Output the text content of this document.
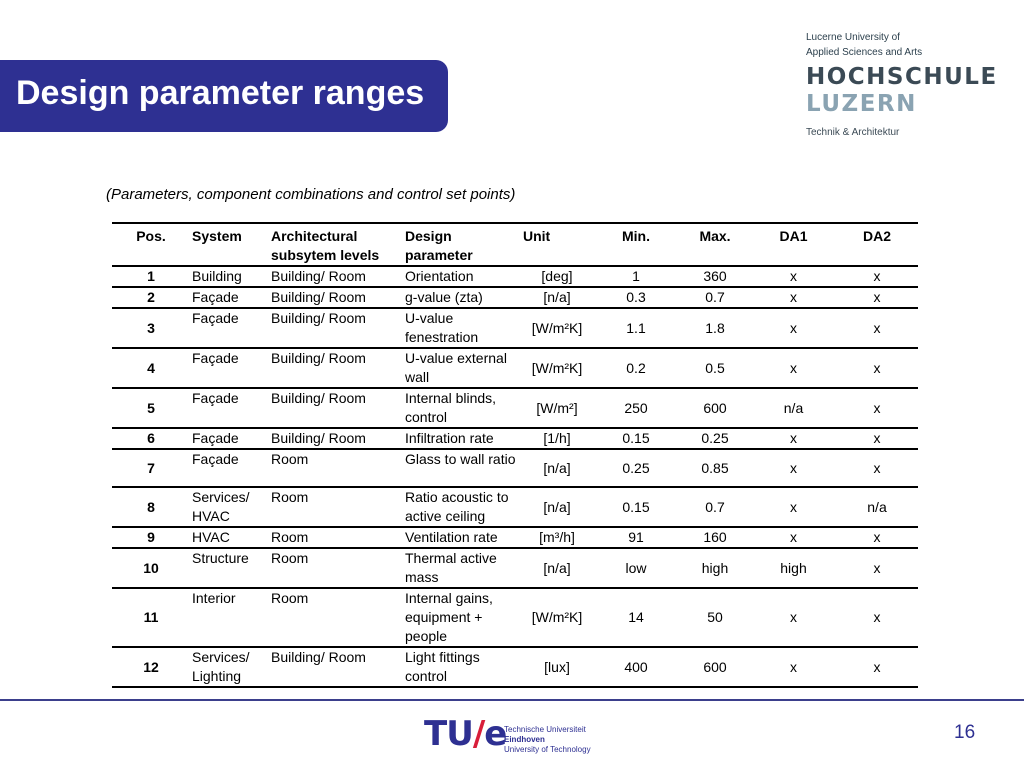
Design parameter ranges
Lucerne University of
Applied Sciences and Arts
HOCHSCHULE
LUZERN
Technik & Architektur
(Parameters, component combinations and control set points)
Pos.	System	Architectural subsytem levels	Design parameter	Unit	Min.	Max.	DA1	DA2
1	Building	Building/ Room	Orientation	[deg]	1	360	x	x
2	Façade	Building/ Room	g-value (zta)	[n/a]	0.3	0.7	x	x
3	Façade	Building/ Room	U-value fenestration	[W/m²K]	1.1	1.8	x	x
4	Façade	Building/ Room	U-value external wall	[W/m²K]	0.2	0.5	x	x
5	Façade	Building/ Room	Internal blinds, control	[W/m²]	250	600	n/a	x
6	Façade	Building/ Room	Infiltration rate	[1/h]	0.15	0.25	x	x
7	Façade	Room	Glass to wall ratio	[n/a]	0.25	0.85	x	x
8	Services/ HVAC	Room	Ratio acoustic to active ceiling	[n/a]	0.15	0.7	x	n/a
9	HVAC	Room	Ventilation rate	[m³/h]	91	160	x	x
10	Structure	Room	Thermal active mass	[n/a]	low	high	high	x
11	Interior	Room	Internal gains, equipment + people	[W/m²K]	14	50	x	x
12	Services/ Lighting	Building/ Room	Light fittings control	[lux]	400	600	x	x
TU/e
Technische Universiteit
Eindhoven
University of Technology
16
